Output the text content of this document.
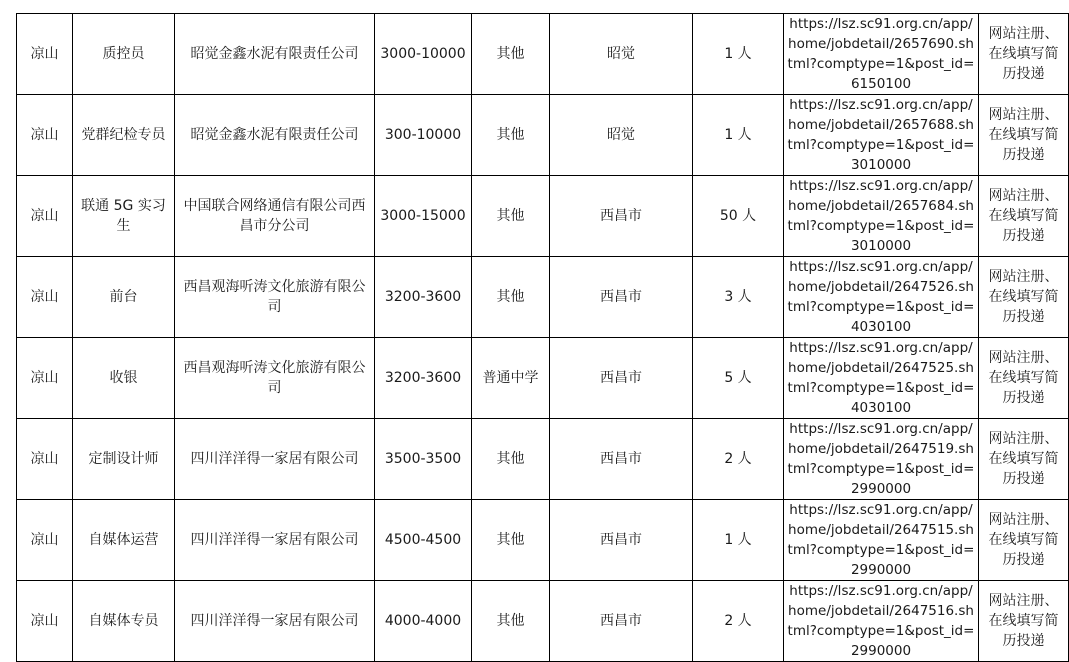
凉山	质控员	昭觉金鑫水泥有限责任公司	3000-10000	其他	昭觉	1 人	https://lsz.sc91.org.cn/app/home/jobdetail/2657690.shtml?comptype=1&post_id=6150100	网站注册、在线填写简历投递
凉山	党群纪检专员	昭觉金鑫水泥有限责任公司	300-10000	其他	昭觉	1 人	https://lsz.sc91.org.cn/app/home/jobdetail/2657688.shtml?comptype=1&post_id=3010000	网站注册、在线填写简历投递
凉山	联通 5G 实习生	中国联合网络通信有限公司西昌市分公司	3000-15000	其他	西昌市	50 人	https://lsz.sc91.org.cn/app/home/jobdetail/2657684.shtml?comptype=1&post_id=3010000	网站注册、在线填写简历投递
凉山	前台	西昌观海听涛文化旅游有限公司	3200-3600	其他	西昌市	3 人	https://lsz.sc91.org.cn/app/home/jobdetail/2647526.shtml?comptype=1&post_id=4030100	网站注册、在线填写简历投递
凉山	收银	西昌观海听涛文化旅游有限公司	3200-3600	普通中学	西昌市	5 人	https://lsz.sc91.org.cn/app/home/jobdetail/2647525.shtml?comptype=1&post_id=4030100	网站注册、在线填写简历投递
凉山	定制设计师	四川洋洋得一家居有限公司	3500-3500	其他	西昌市	2 人	https://lsz.sc91.org.cn/app/home/jobdetail/2647519.shtml?comptype=1&post_id=2990000	网站注册、在线填写简历投递
凉山	自媒体运营	四川洋洋得一家居有限公司	4500-4500	其他	西昌市	1 人	https://lsz.sc91.org.cn/app/home/jobdetail/2647515.shtml?comptype=1&post_id=2990000	网站注册、在线填写简历投递
凉山	自媒体专员	四川洋洋得一家居有限公司	4000-4000	其他	西昌市	2 人	https://lsz.sc91.org.cn/app/home/jobdetail/2647516.shtml?comptype=1&post_id=2990000	网站注册、在线填写简历投递
